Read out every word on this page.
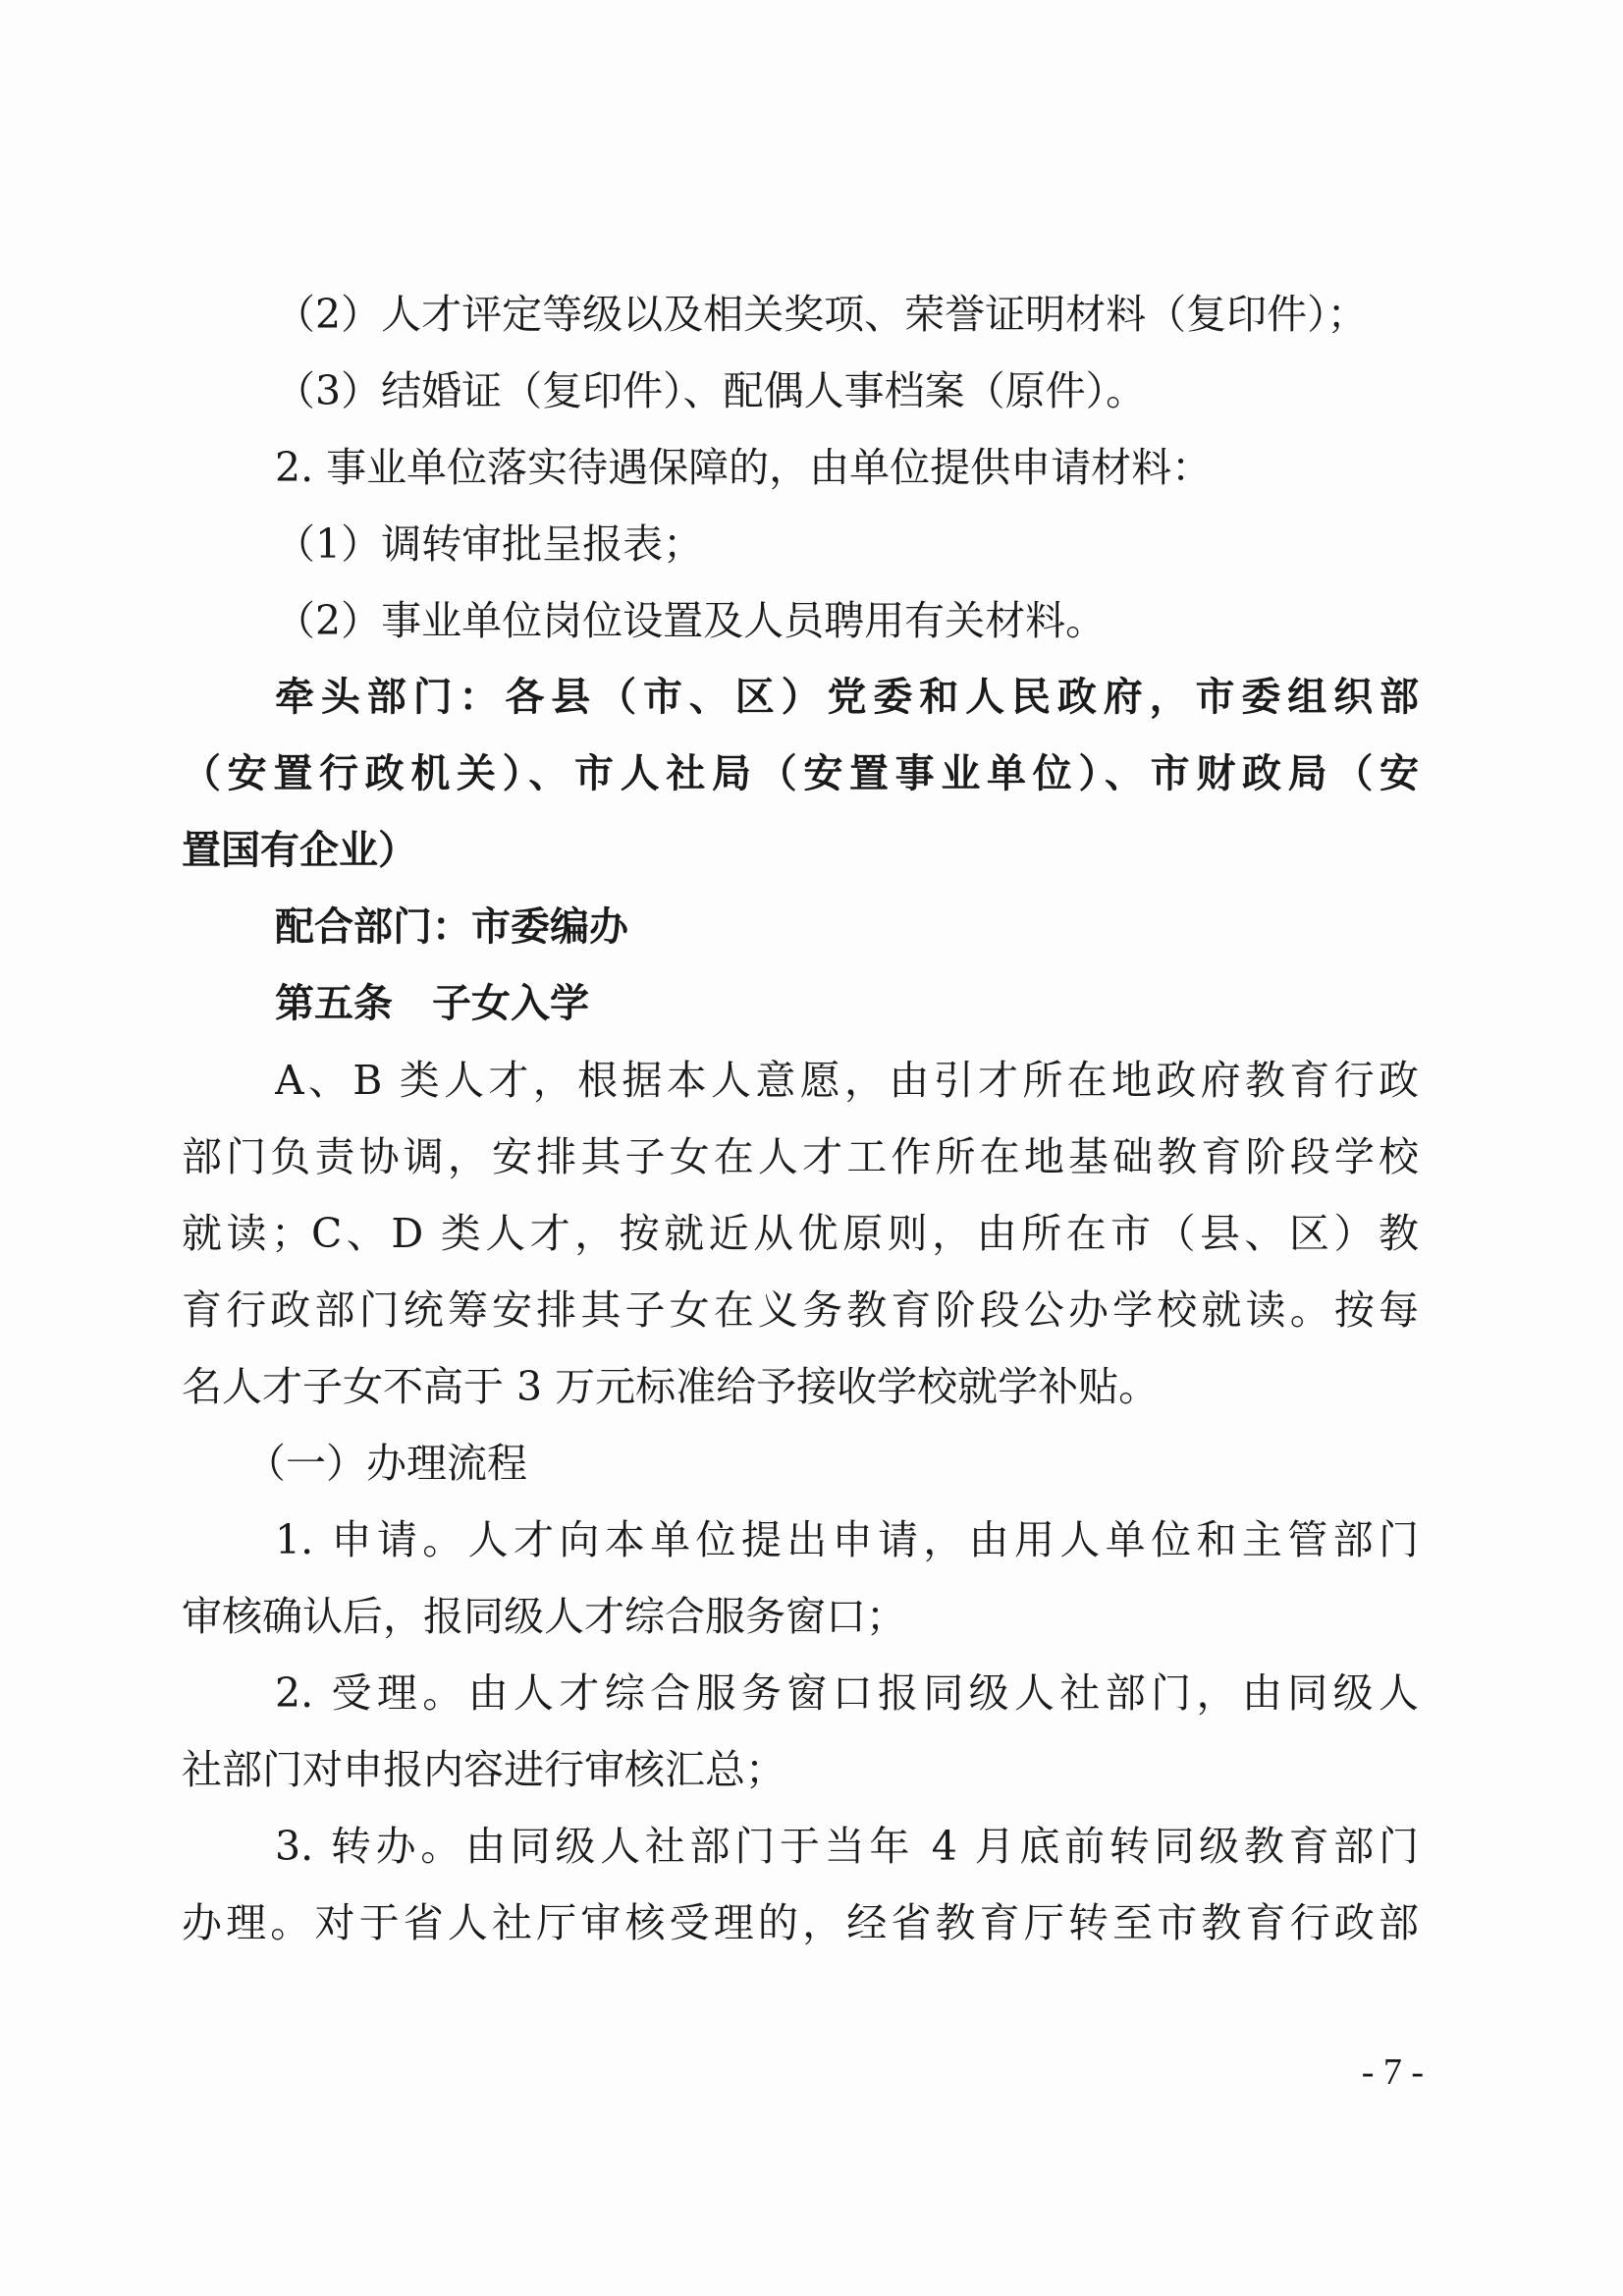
（2）人才评定等级以及相关奖项、荣誉证明材料（复印件）；
（3）结婚证（复印件）、配偶人事档案（原件）。
2. 事业单位落实待遇保障的，由单位提供申请材料：
（1）调转审批呈报表；
（2）事业单位岗位设置及人员聘用有关材料。
牵头部门：各县（市、区）党委和人民政府，市委组织部
（安置行政机关）、市人社局（安置事业单位）、市财政局（安
置国有企业）
配合部门：市委编办
第五条　子女入学
A、B 类人才，根据本人意愿，由引才所在地政府教育行政
部门负责协调，安排其子女在人才工作所在地基础教育阶段学校
就读；C、D 类人才，按就近从优原则，由所在市（县、区）教
育行政部门统筹安排其子女在义务教育阶段公办学校就读。按每
名人才子女不高于 3 万元标准给予接收学校就学补贴。
（一）办理流程
1. 申请。人才向本单位提出申请，由用人单位和主管部门
审核确认后，报同级人才综合服务窗口；
2. 受理。由人才综合服务窗口报同级人社部门，由同级人
社部门对申报内容进行审核汇总；
3. 转办。由同级人社部门于当年 4 月底前转同级教育部门
办理。对于省人社厅审核受理的，经省教育厅转至市教育行政部
- 7 -
